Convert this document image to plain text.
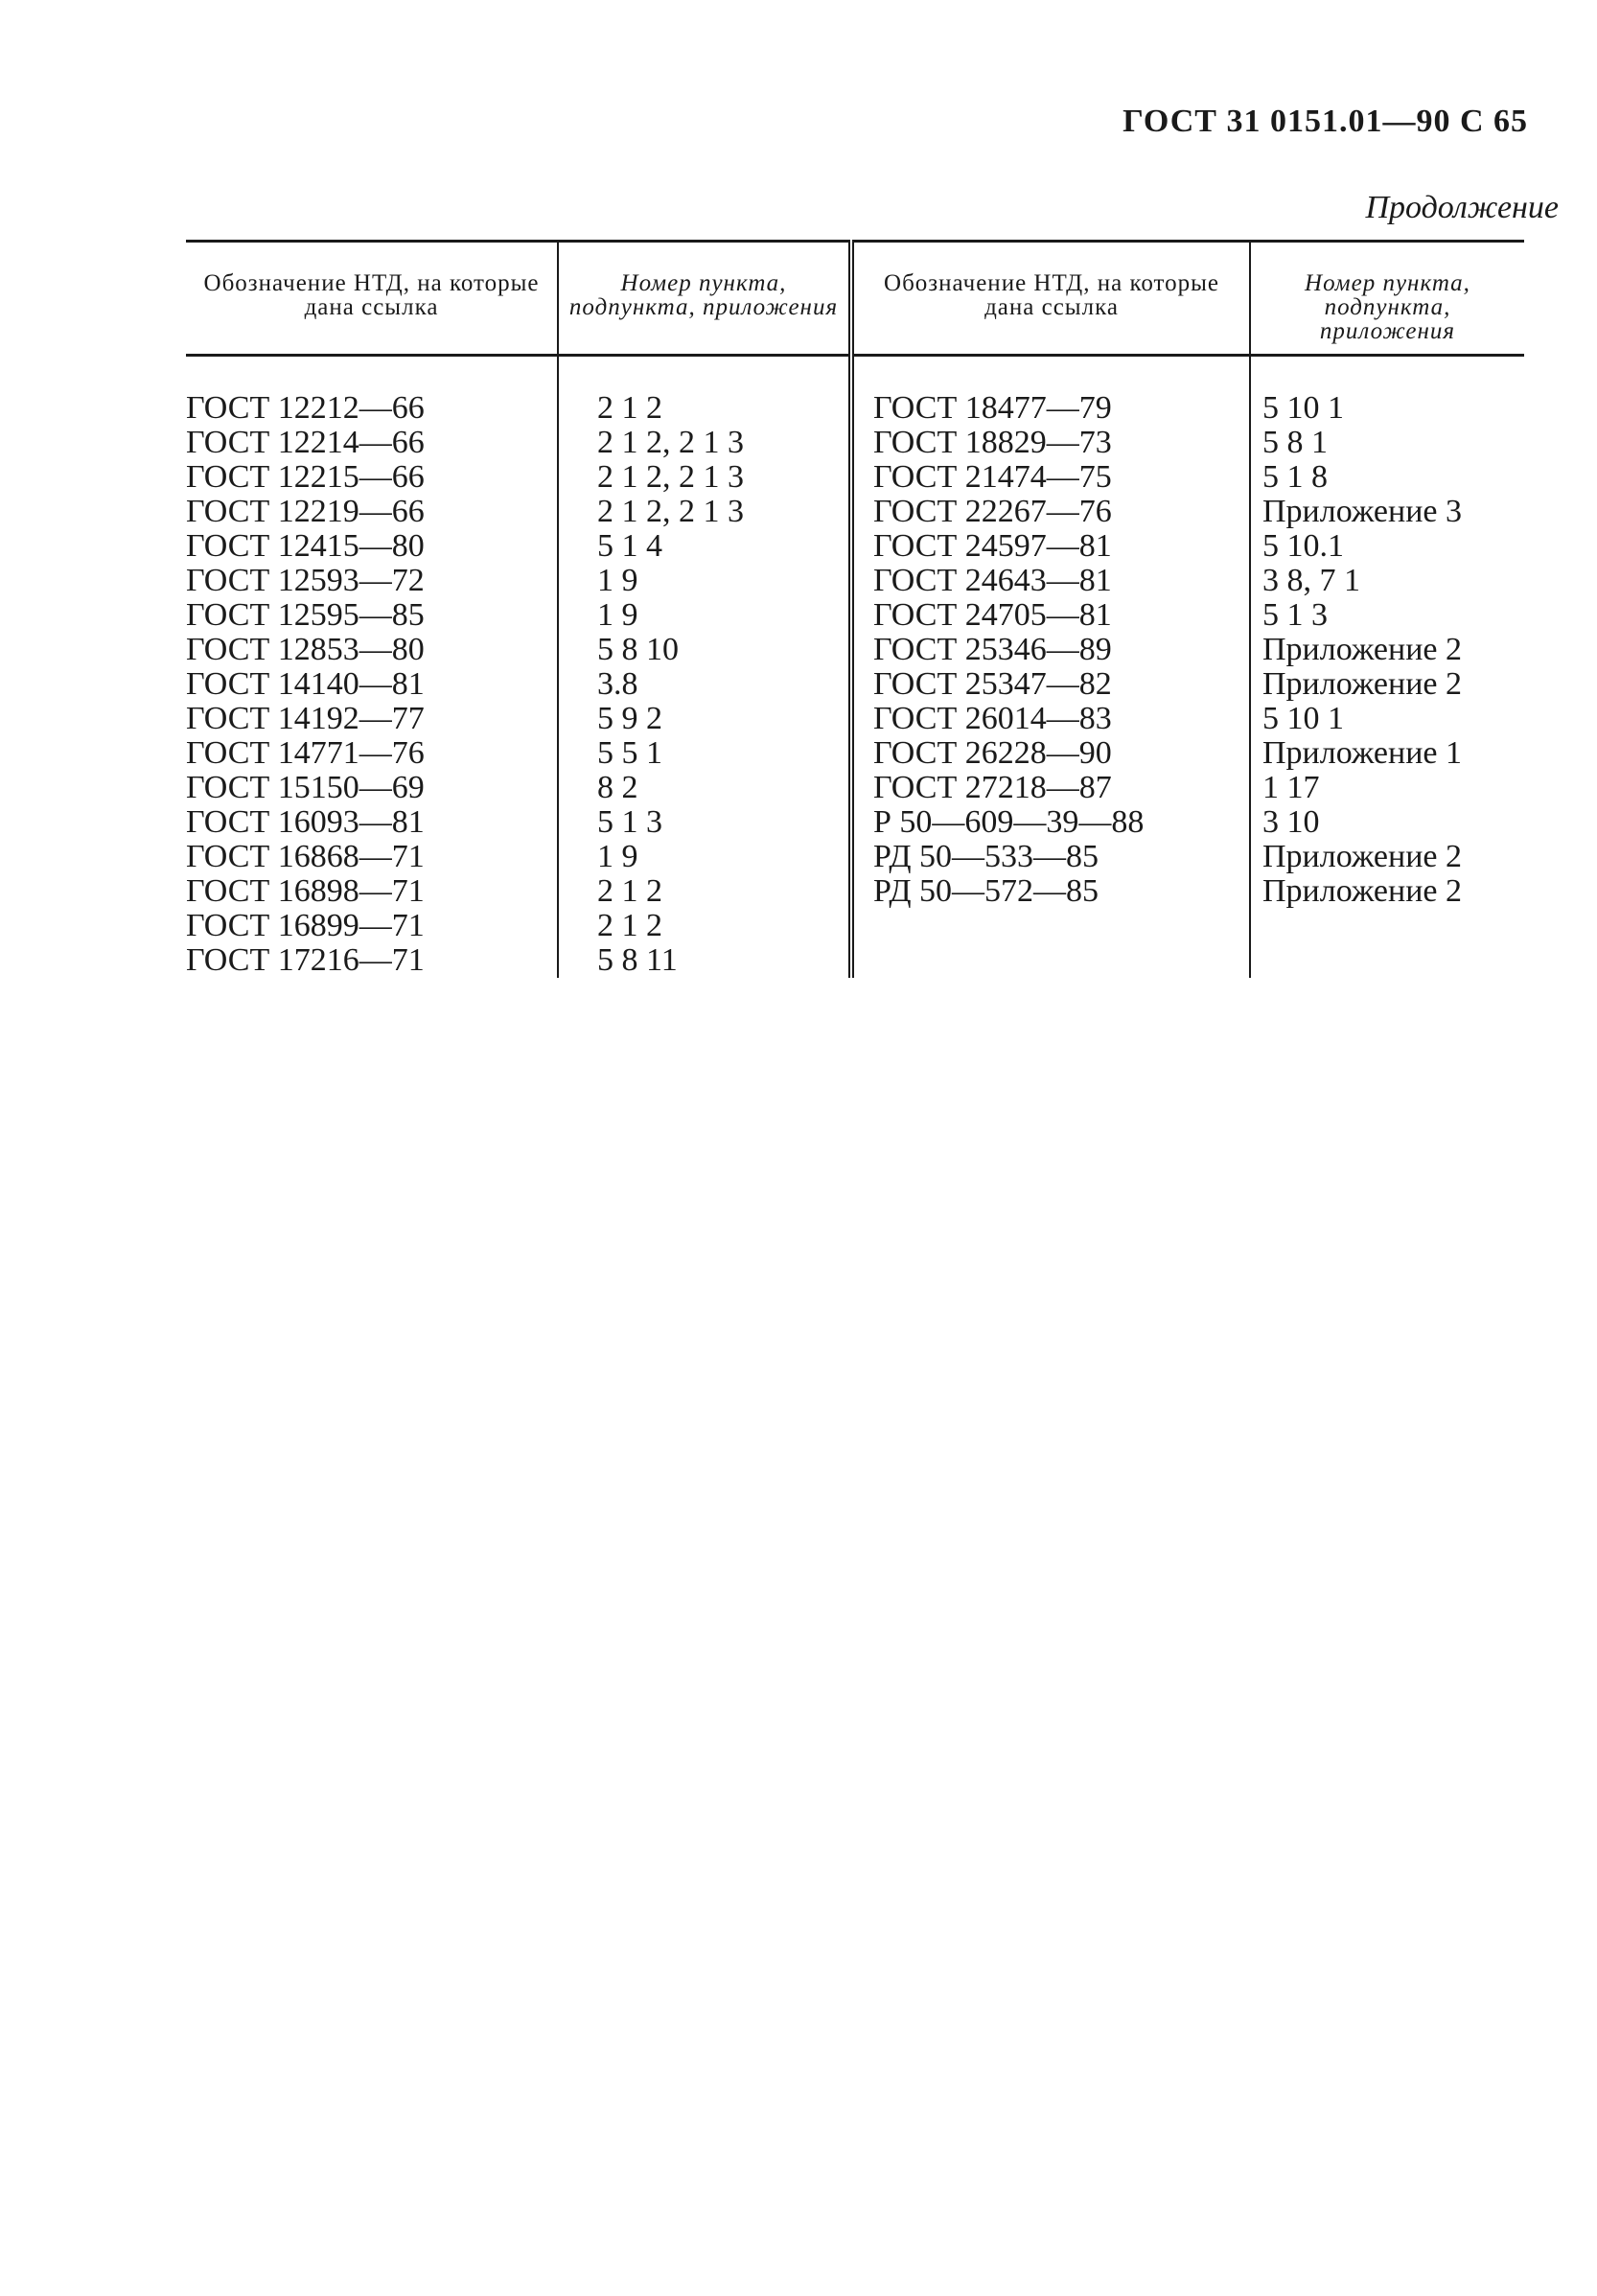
ГОСТ 31 0151.01—90 С 65
Продолжение
Обозначение НТД, на которые дана ссылка	Номер пункта, подпункта, приложения	Обозначение НТД, на которые дана ссылка	Номер пункта, подпункта, приложения

ГОСТ 12212—66	2 1 2	ГОСТ 18477—79	5 10 1
ГОСТ 12214—66	2 1 2, 2 1 3	ГОСТ 18829—73	5 8 1
ГОСТ 12215—66	2 1 2, 2 1 3	ГОСТ 21474—75	5 1 8
ГОСТ 12219—66	2 1 2, 2 1 3	ГОСТ 22267—76	Приложение 3
ГОСТ 12415—80	5 1 4	ГОСТ 24597—81	5 10.1
ГОСТ 12593—72	1 9	ГОСТ 24643—81	3 8, 7 1
ГОСТ 12595—85	1 9	ГОСТ 24705—81	5 1 3
ГОСТ 12853—80	5 8 10	ГОСТ 25346—89	Приложение 2
ГОСТ 14140—81	3.8	ГОСТ 25347—82	Приложение 2
ГОСТ 14192—77	5 9 2	ГОСТ 26014—83	5 10 1
ГОСТ 14771—76	5 5 1	ГОСТ 26228—90	Приложение 1
ГОСТ 15150—69	8 2	ГОСТ 27218—87	1 17
ГОСТ 16093—81	5 1 3	Р 50—609—39—88	3 10
ГОСТ 16868—71	1 9	РД 50—533—85	Приложение 2
ГОСТ 16898—71	2 1 2	РД 50—572—85	Приложение 2
ГОСТ 16899—71	2 1 2		
ГОСТ 17216—71	5 8 11		
